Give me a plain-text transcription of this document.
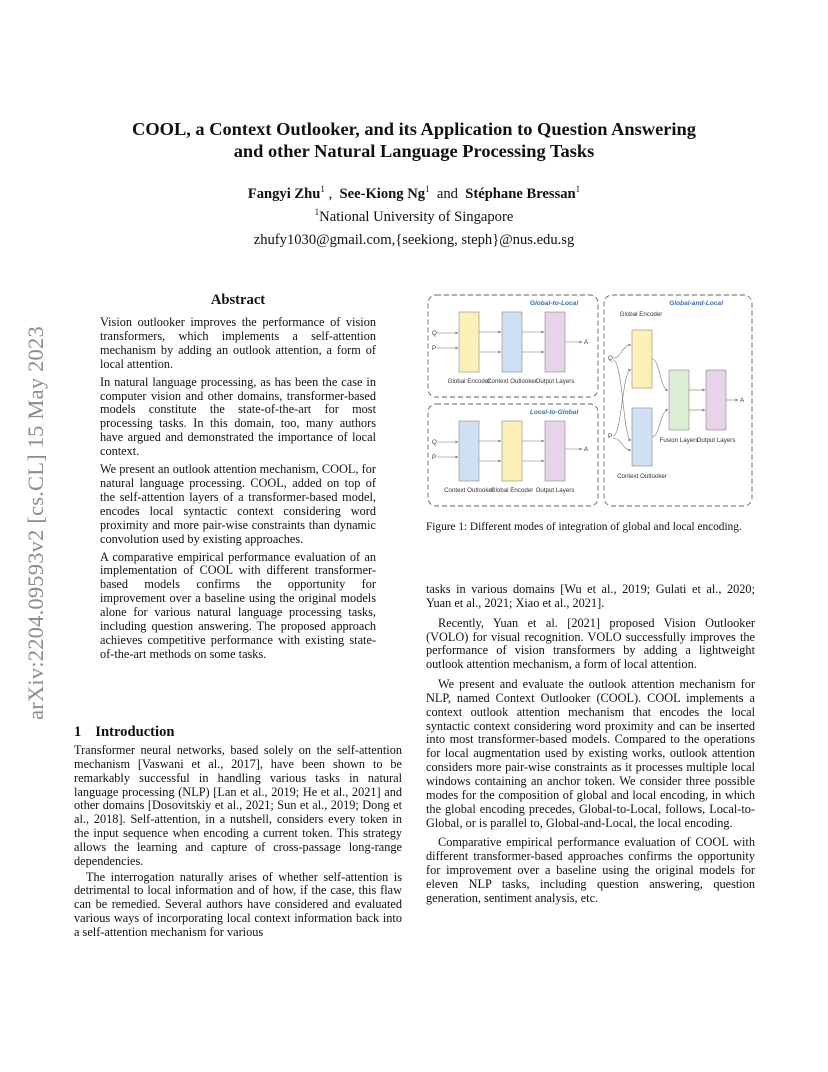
COOL, a Context Outlooker, and its Application to Question Answering
and other Natural Language Processing Tasks
Fangyi Zhu$^1$ , See-Kiong Ng$^1$ and Stéphane Bressan$^1$
$^1$National University of Singapore
zhufy1030@gmail.com,{seekiong, steph}@nus.edu.sg
arXiv:2204.09593v2 [cs.CL] 15 May 2023
Abstract

Vision outlooker improves the performance of vision transformers, which implements a self-attention mechanism by adding an outlook attention, a form of local attention.

In natural language processing, as has been the case in computer vision and other domains, transformer-based models constitute the state-of-the-art for most processing tasks. In this domain, too, many authors have argued and demonstrated the importance of local context.

We present an outlook attention mechanism, COOL, for natural language processing. COOL, added on top of the self-attention layers of a transformer-based model, encodes local syntactic context considering word proximity and more pair-wise constraints than dynamic convolution used by existing approaches.

A comparative empirical performance evaluation of an implementation of COOL with different transformer-based models confirms the opportunity for improvement over a baseline using the original models alone for various natural language processing tasks, including question answering. The proposed approach achieves competitive performance with existing state-of-the-art methods on some tasks.

1 Introduction

Transformer neural networks, based solely on the self-attention mechanism [Vaswani et al., 2017], have been shown to be remarkably successful in handling various tasks in natural language processing (NLP) [Lan et al., 2019; He et al., 2021] and other domains [Dosovitskiy et al., 2021; Sun et al., 2019; Dong et al., 2018]. Self-attention, in a nutshell, considers every token in the input sequence when encoding a current token. This strategy allows the learning and capture of cross-passage long-range dependencies.

The interrogation naturally arises of whether self-attention is detrimental to local information and of how, if the case, this flaw can be remedied. Several authors have considered and evaluated various ways of incorporating local context information back into a self-attention mechanism for various

Global-to-Local
Q
P
A
Global Encoder
Context Outlooker
Output Layers
Local-to-Global
Q
P
A
Context Outlooker
Global Encoder Output Layers
Global-and-Local
Global Encoder
Q
P
A
Context Outlooker
Fusion Layers
Output Layers
Figure 1: Different modes of integration of global and local encoding.

tasks in various domains [Wu et al., 2019; Gulati et al., 2020; Yuan et al., 2021; Xiao et al., 2021].

Recently, Yuan et al. [2021] proposed Vision Outlooker (VOLO) for visual recognition. VOLO successfully improves the performance of vision transformers by adding a lightweight outlook attention mechanism, a form of local attention.

We present and evaluate the outlook attention mechanism for NLP, named Context Outlooker (COOL). COOL implements a context outlook attention mechanism that encodes the local syntactic context considering word proximity and can be inserted into most transformer-based models. Compared to the operations for local augmentation used by existing works, outlook attention considers more pair-wise constraints as it processes multiple local windows containing an anchor token. We consider three possible modes for the composition of global and local encoding, in which the global encoding precedes, Global-to-Local, follows, Local-to-Global, or is parallel to, Global-and-Local, the local encoding.

Comparative empirical performance evaluation of COOL with different transformer-based approaches confirms the opportunity for improvement over a baseline using the original models for eleven NLP tasks, including question answering, question generation, sentiment analysis, etc.
